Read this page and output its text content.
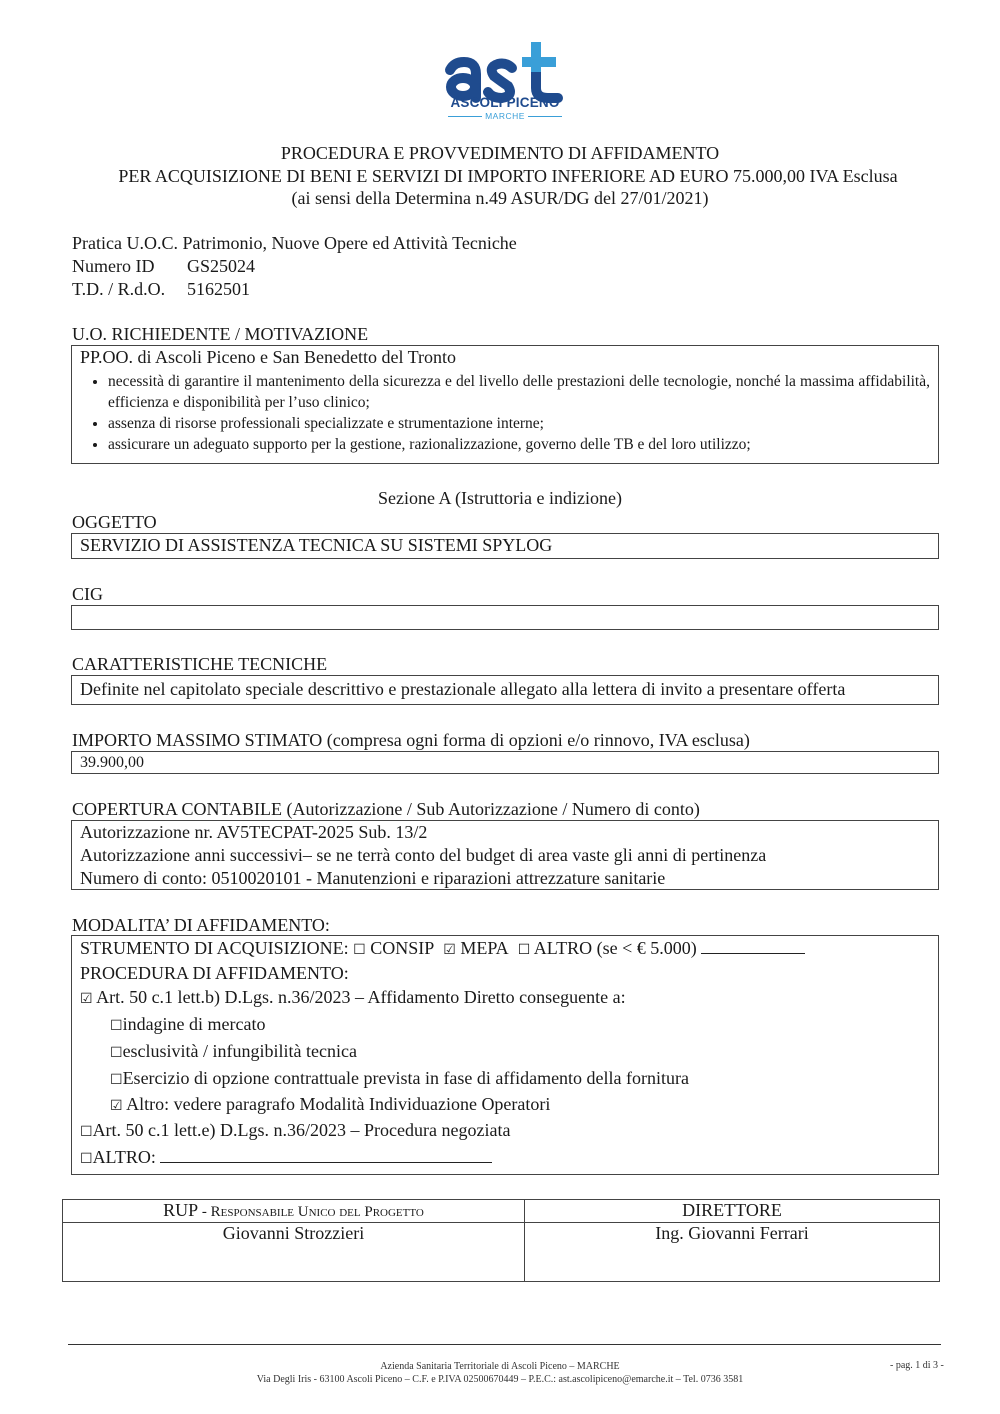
ASCOLI PICENO
MARCHE
PROCEDURA E PROVVEDIMENTO DI AFFIDAMENTO
PER ACQUISIZIONE DI BENI E SERVIZI DI IMPORTO INFERIORE AD EURO 75.000,00 IVA Esclusa
(ai sensi della Determina n.49 ASUR/DG del 27/01/2021)
Pratica U.O.C. Patrimonio, Nuove Opere ed Attività Tecniche
Numero ID GS25024
T.D. / R.d.O. 5162501
U.O. RICHIEDENTE / MOTIVAZIONE
PP.OO. di Ascoli Piceno e San Benedetto del Tronto
• necessità di garantire il mantenimento della sicurezza e del livello delle prestazioni delle tecnologie, nonché la massima affidabilità, efficienza e disponibilità per l’uso clinico;
• assenza di risorse professionali specializzate e strumentazione interne;
• assicurare un adeguato supporto per la gestione, razionalizzazione, governo delle TB e del loro utilizzo;
Sezione A (Istruttoria e indizione)
OGGETTO
SERVIZIO DI ASSISTENZA TECNICA SU SISTEMI SPYLOG
CIG
CARATTERISTICHE TECNICHE
Definite nel capitolato speciale descrittivo e prestazionale allegato alla lettera di invito a presentare offerta
IMPORTO MASSIMO STIMATO (compresa ogni forma di opzioni e/o rinnovo, IVA esclusa)
39.900,00
COPERTURA CONTABILE (Autorizzazione / Sub Autorizzazione / Numero di conto)
Autorizzazione nr. AV5TECPAT-2025 Sub. 13/2
Autorizzazione anni successivi– se ne terrà conto del budget di area vaste gli anni di pertinenza
Numero di conto: 0510020101 - Manutenzioni e riparazioni attrezzature sanitarie
MODALITA’ DI AFFIDAMENTO:
STRUMENTO DI ACQUISIZIONE: ☐ CONSIP ☑ MEPA ☐ ALTRO (se < € 5.000)
PROCEDURA DI AFFIDAMENTO:
☑ Art. 50 c.1 lett.b) D.Lgs. n.36/2023 – Affidamento Diretto conseguente a:
☐indagine di mercato
☐esclusività / infungibilità tecnica
☐Esercizio di opzione contrattuale prevista in fase di affidamento della fornitura
☑ Altro: vedere paragrafo Modalità Individuazione Operatori
☐Art. 50 c.1 lett.e) D.Lgs. n.36/2023 – Procedura negoziata
☐ALTRO:
RUP - Responsabile Unico del Progetto	DIRETTORE
Giovanni Strozzieri	Ing. Giovanni Ferrari
Azienda Sanitaria Territoriale di Ascoli Piceno – MARCHE
Via Degli Iris - 63100 Ascoli Piceno – C.F. e P.IVA 02500670449 – P.E.C.: ast.ascolipiceno@emarche.it – Tel. 0736 3581
- pag. 1 di 3 -
